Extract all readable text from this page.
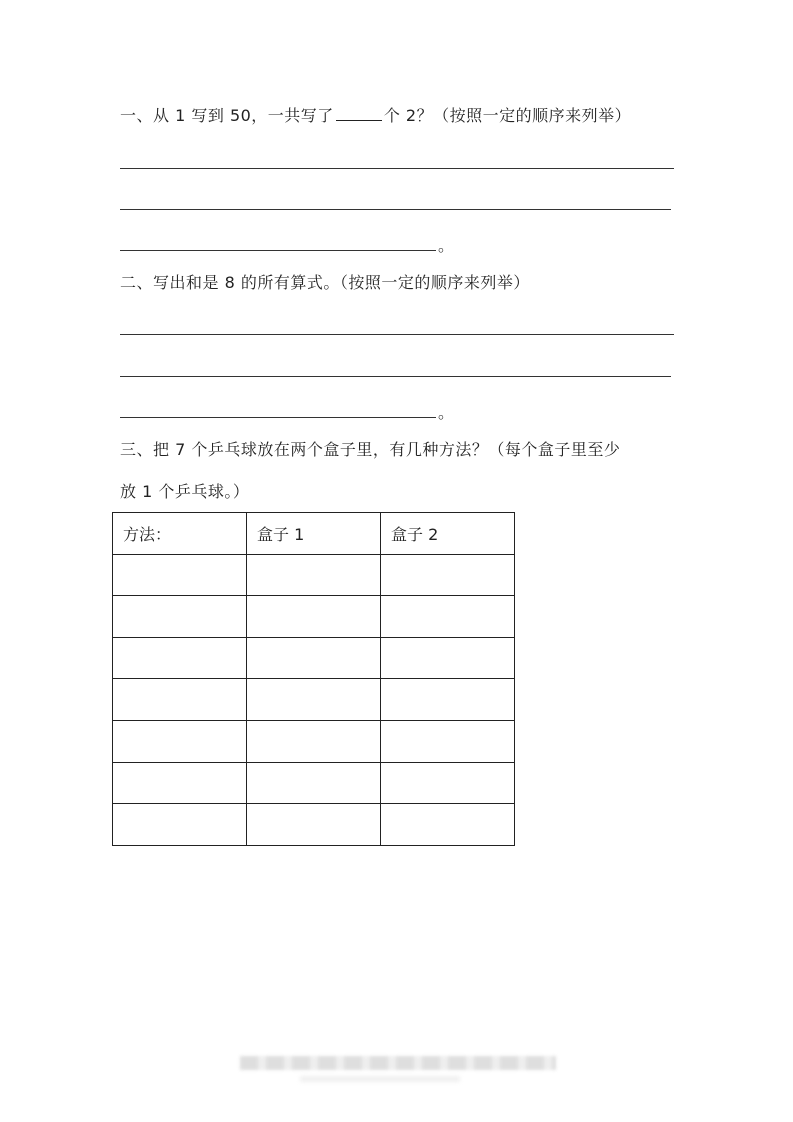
一、从 1 写到 50，一共写了	个 2？（按照一定的顺序来列举）

。

二、写出和是 8 的所有算式。（按照一定的顺序来列举）

。

三、把 7 个乒乓球放在两个盒子里，有几种方法？（每个盒子里至少

放 1 个乒乓球。）

方法：	盒子 1	盒子 2
